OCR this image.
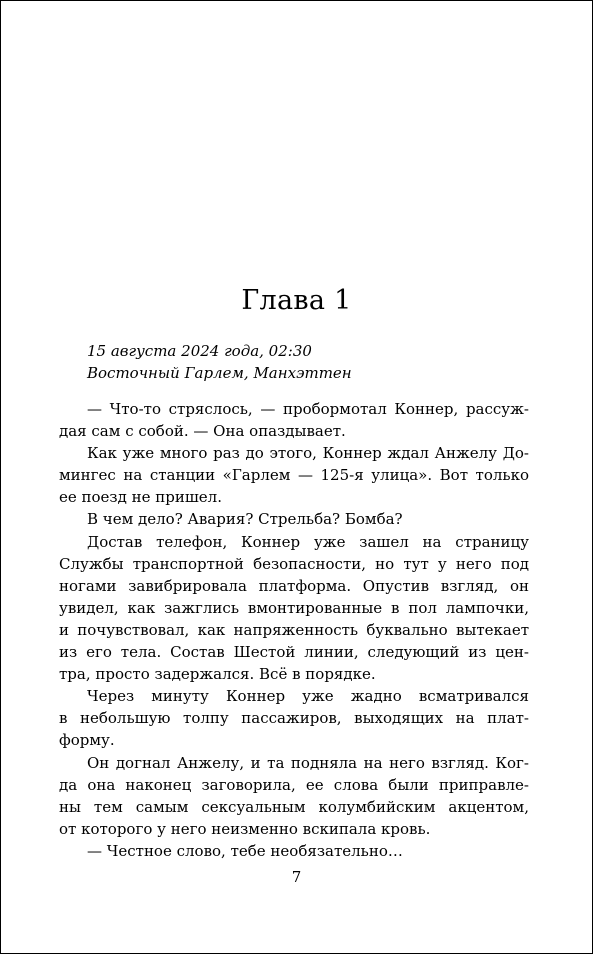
Глава 1
15 августа 2024 года, 02:30
Восточный Гарлем, Манхэттен
— Что-то стряслось, — пробормотал Коннер, рассуж-
дая сам с собой. — Она опаздывает.
Как уже много раз до этого, Коннер ждал Анжелу До-
мингес на станции «Гарлем — 125-я улица». Вот только
ее поезд не пришел.
В чем дело? Авария? Стрельба? Бомба?
Достав телефон, Коннер уже зашел на страницу
Службы транспортной безопасности, но тут у него под
ногами завибрировала платформа. Опустив взгляд, он
увидел, как зажглись вмонтированные в пол лампочки,
и почувствовал, как напряженность буквально вытекает
из его тела. Состав Шестой линии, следующий из цен-
тра, просто задержался. Всё в порядке.
Через минуту Коннер уже жадно всматривался
в небольшую толпу пассажиров, выходящих на плат-
форму.
Он догнал Анжелу, и та подняла на него взгляд. Ког-
да она наконец заговорила, ее слова были приправле-
ны тем самым сексуальным колумбийским акцентом,
от которого у него неизменно вскипала кровь.
— Честное слово, тебе необязательно…
7
